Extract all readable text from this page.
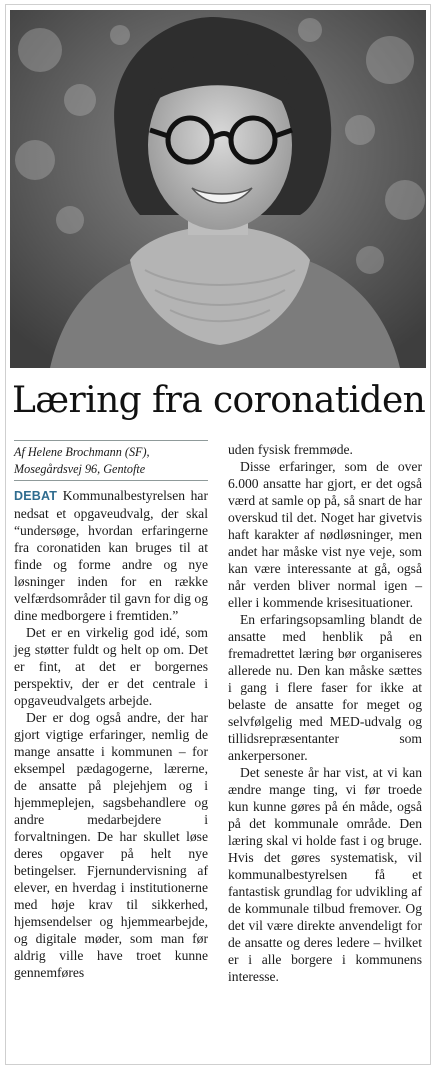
Læring fra coronatiden
Af Helene Brochmann (SF),
Mosegårdsvej 96, Gentofte

DEBAT Kommunalbestyrelsen har nedsat et opgaveudvalg, der skal “undersøge, hvordan erfaringerne fra coronatiden kan bruges til at finde og forme andre og nye løsninger inden for en række velfærdsområder til gavn for dig og dine medborgere i fremtiden.”

Det er en virkelig god idé, som jeg støtter fuldt og helt op om. Det er fint, at det er borgernes perspektiv, der er det centrale i opgaveudvalgets arbejde.

Der er dog også andre, der har gjort vigtige erfaringer, nemlig de mange ansatte i kommunen – for eksempel pædagogerne, lærerne, de ansatte på plejehjem og i hjemmeplejen, sagsbehandlere og andre medarbejdere i forvaltningen. De har skullet løse deres opgaver på helt nye betingelser. Fjernundervisning af elever, en hverdag i institutionerne med høje krav til sikkerhed, hjemsendelser og hjemmearbejde, og digitale møder, som man før aldrig ville have troet kunne gennemføres

uden fysisk fremmøde.

Disse erfaringer, som de over 6.000 ansatte har gjort, er det også værd at samle op på, så snart de har overskud til det. Noget har givetvis haft karakter af nødløsninger, men andet har måske vist nye veje, som kan være interessante at gå, også når verden bliver normal igen – eller i kommende krisesituationer.

En erfaringsopsamling blandt de ansatte med henblik på en fremadrettet læring bør organiseres allerede nu. Den kan måske sættes i gang i flere faser for ikke at belaste de ansatte for meget og selvfølgelig med MED-udvalg og tillidsrepræsentanter som ankerpersoner.

Det seneste år har vist, at vi kan ændre mange ting, vi før troede kun kunne gøres på én måde, også på det kommunale område. Den læring skal vi holde fast i og bruge. Hvis det gøres systematisk, vil kommunalbestyrelsen få et fantastisk grundlag for udvikling af de kommunale tilbud fremover. Og det vil være direkte anvendeligt for de ansatte og deres ledere – hvilket er i alle borgere i kommunens interesse.
